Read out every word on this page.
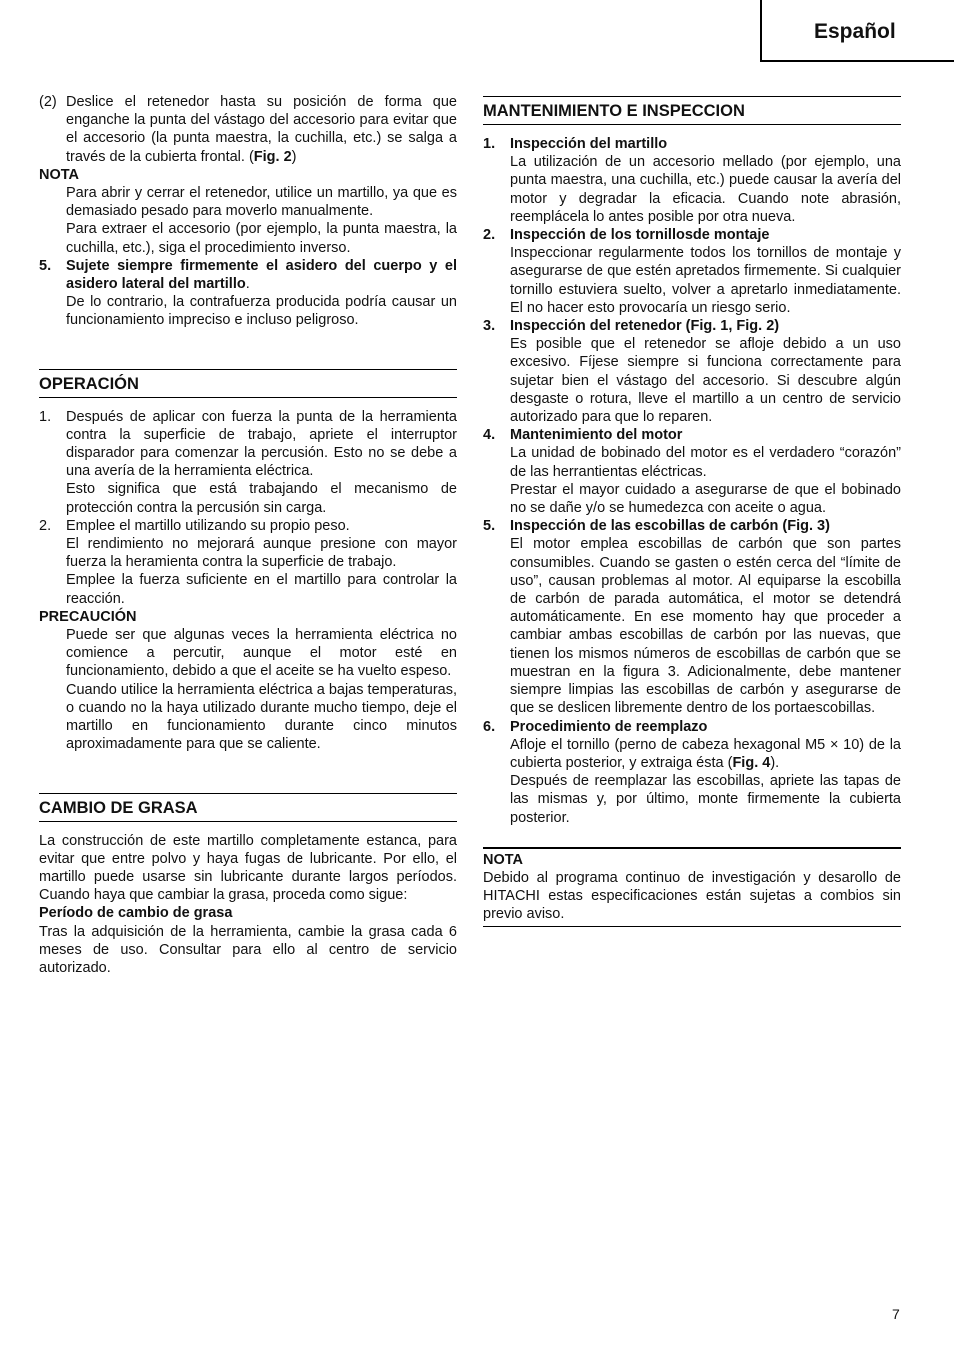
Español
(2) Deslice el retenedor hasta su posición de forma que enganche la punta del vástago del accesorio para evitar que el accesorio (la punta maestra, la cuchilla, etc.) se salga a través de la cubierta frontal. (Fig. 2)

NOTA

Para abrir y cerrar el retenedor, utilice un martillo, ya que es demasiado pesado para moverlo manualmente.

Para extraer el accesorio (por ejemplo, la punta maestra, la cuchilla, etc.), siga el procedimiento inverso.

5. Sujete siempre firmemente el asidero del cuerpo y el asidero lateral del martillo.

De lo contrario, la contrafuerza producida podría causar un funcionamiento impreciso e incluso peligroso.

OPERACIÓN
1. Después de aplicar con fuerza la punta de la herramienta contra la superficie de trabajo, apriete el interruptor disparador para comenzar la percusión. Esto no se debe a una avería de la herramienta eléctrica.

Esto significa que está trabajando el mecanismo de protección contra la percusión sin carga.

2. Emplee el martillo utilizando su propio peso.

El rendimiento no mejorará aunque presione con mayor fuerza la heramienta contra la superficie de trabajo.

Emplee la fuerza suficiente en el martillo para controlar la reacción.

PRECAUCIÓN

Puede ser que algunas veces la herramienta eléctrica no comience a percutir, aunque el motor esté en funcionamiento, debido a que el aceite se ha vuelto espeso.

Cuando utilice la herramienta eléctrica a bajas temperaturas, o cuando no la haya utilizado durante mucho tiempo, deje el martillo en funcionamiento durante cinco minutos aproximadamente para que se caliente.

CAMBIO DE GRASA

La construcción de este martillo completamente estanca, para evitar que entre polvo y haya fugas de lubricante. Por ello, el martillo puede usarse sin lubricante durante largos períodos. Cuando haya que cambiar la grasa, proceda como sigue:

Período de cambio de grasa

Tras la adquisición de la herramienta, cambie la grasa cada 6 meses de uso. Consultar para ello al centro de servicio autorizado.

MANTENIMIENTO E INSPECCION
1. Inspección del martillo

La utilización de un accesorio mellado (por ejemplo, una punta maestra, una cuchilla, etc.) puede causar la avería del motor y degradar la eficacia. Cuando note abrasión, reemplácela lo antes posible por otra nueva.

2. Inspección de los tornillosde montaje

Inspeccionar regularmente todos los tornillos de montaje y asegurarse de que estén apretados firmemente. Si cualquier tornillo estuviera suelto, volver a apretarlo inmediatamente. El no hacer esto provocaría un riesgo serio.

3. Inspección del retenedor (Fig. 1, Fig. 2)

Es posible que el retenedor se afloje debido a un uso excesivo. Fíjese siempre si funciona correctamente para sujetar bien el vástago del accesorio. Si descubre algún desgaste o rotura, lleve el martillo a un centro de servicio autorizado para que lo reparen.

4. Mantenimiento del motor

La unidad de bobinado del motor es el verdadero “corazón” de las herrantientas eléctricas.

Prestar el mayor cuidado a asegurarse de que el bobinado no se dañe y/o se humedezca con aceite o agua.

5. Inspección de las escobillas de carbón (Fig. 3)

El motor emplea escobillas de carbón que son partes consumibles. Cuando se gasten o estén cerca del “límite de uso”, causan problemas al motor. Al equiparse la escobilla de carbón de parada automática, el motor se detendrá automáticamente. En ese momento hay que proceder a cambiar ambas escobillas de carbón por las nuevas, que tienen los mismos números de escobillas de carbón que se muestran en la figura 3. Adicionalmente, debe mantener siempre limpias las escobillas de carbón y asegurarse de que se deslicen libremente dentro de los portaescobillas.

6. Procedimiento de reemplazo

Afloje el tornillo (perno de cabeza hexagonal M5 × 10) de la cubierta posterior, y extraiga ésta (Fig. 4).

Después de reemplazar las escobillas, apriete las tapas de las mismas y, por último, monte firmemente la cubierta posterior.

NOTA

Debido al programa continuo de investigación y desarollo de HITACHI estas especificaciones están sujetas a combios sin previo aviso.

7
